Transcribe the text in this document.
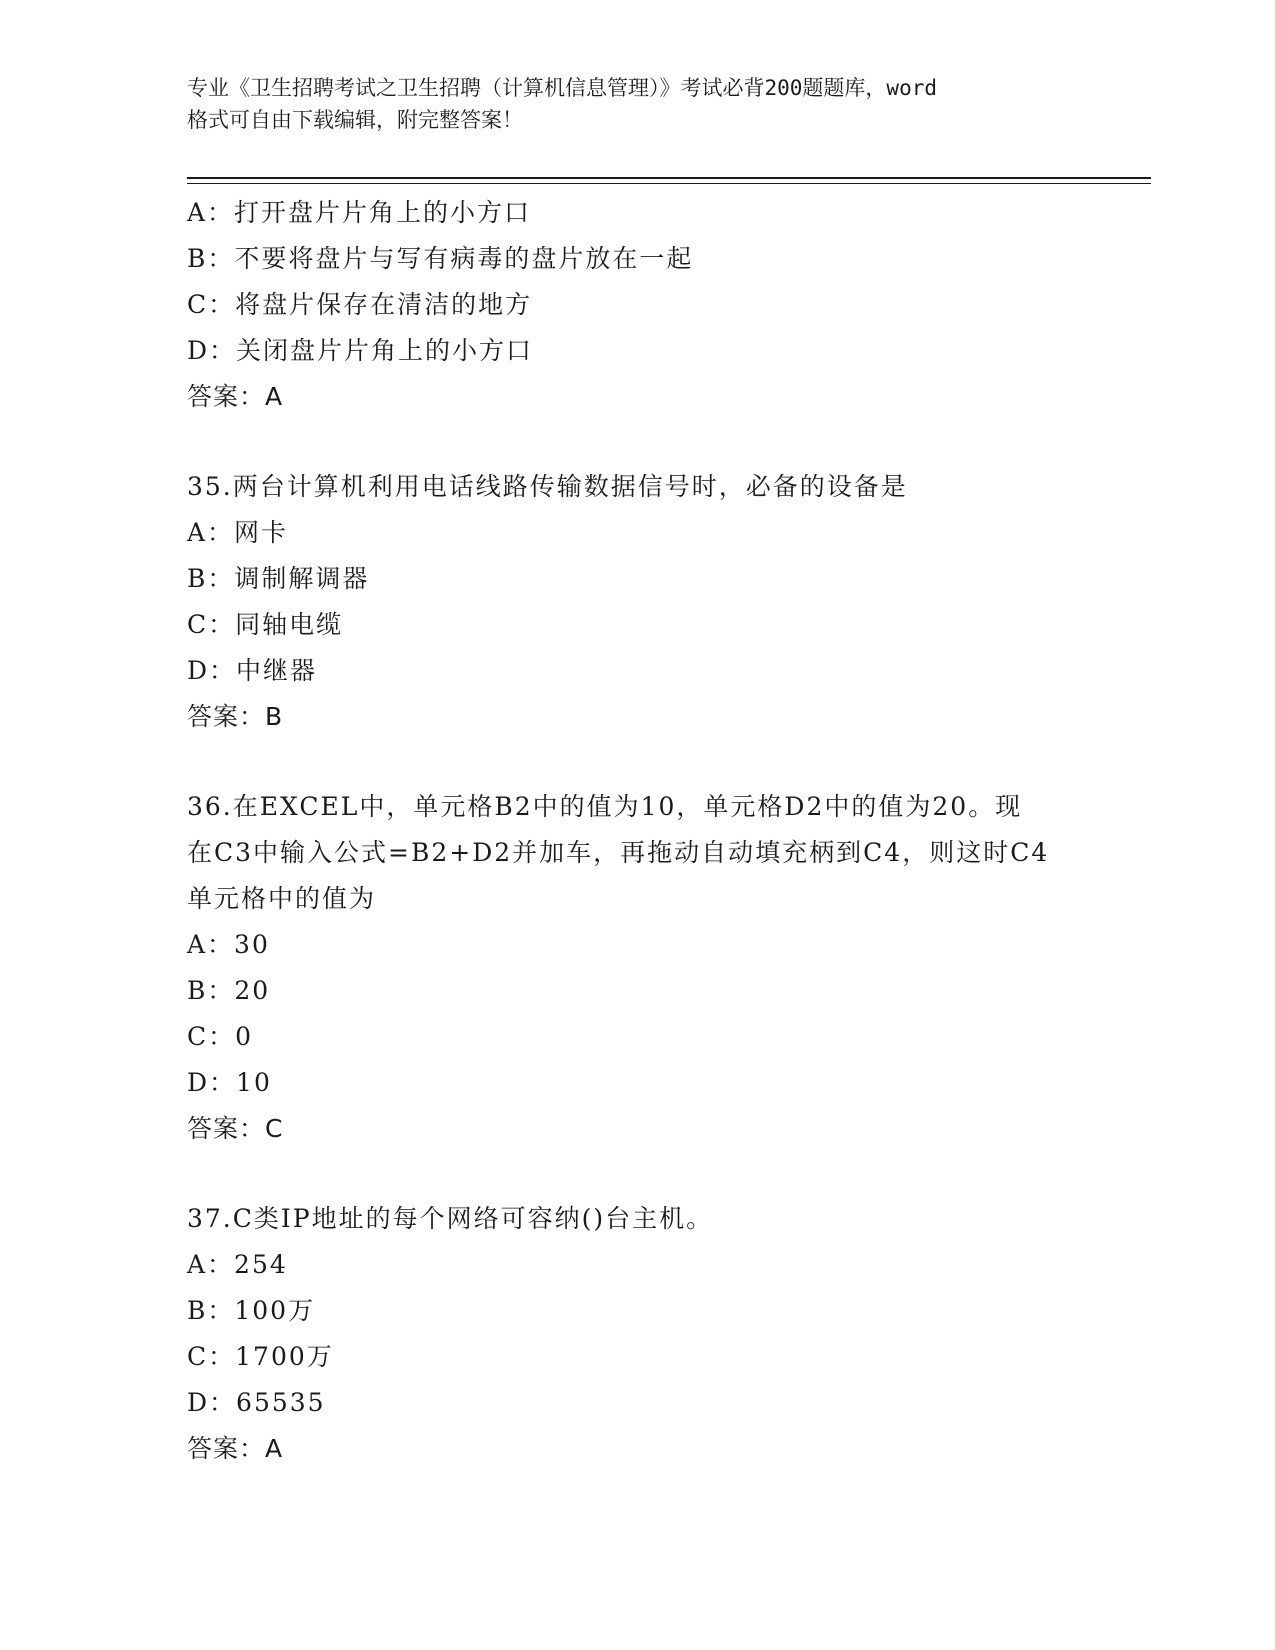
专业《卫生招聘考试之卫生招聘（计算机信息管理）》考试必背200题题库，word
格式可自由下载编辑，附完整答案！
A：打开盘片片角上的小方口
B：不要将盘片与写有病毒的盘片放在一起
C：将盘片保存在清洁的地方
D：关闭盘片片角上的小方口
答案：A
35.两台计算机利用电话线路传输数据信号时，必备的设备是
A：网卡
B：调制解调器
C：同轴电缆
D：中继器
答案：B
36.在EXCEL中，单元格B2中的值为10，单元格D2中的值为20。现
在C3中输入公式=B2+D2并加车，再拖动自动填充柄到C4，则这时C4
单元格中的值为
A：30
B：20
C：0
D：10
答案：C
37.C类IP地址的每个网络可容纳()台主机。
A：254
B：100万
C：1700万
D：65535
答案：A
